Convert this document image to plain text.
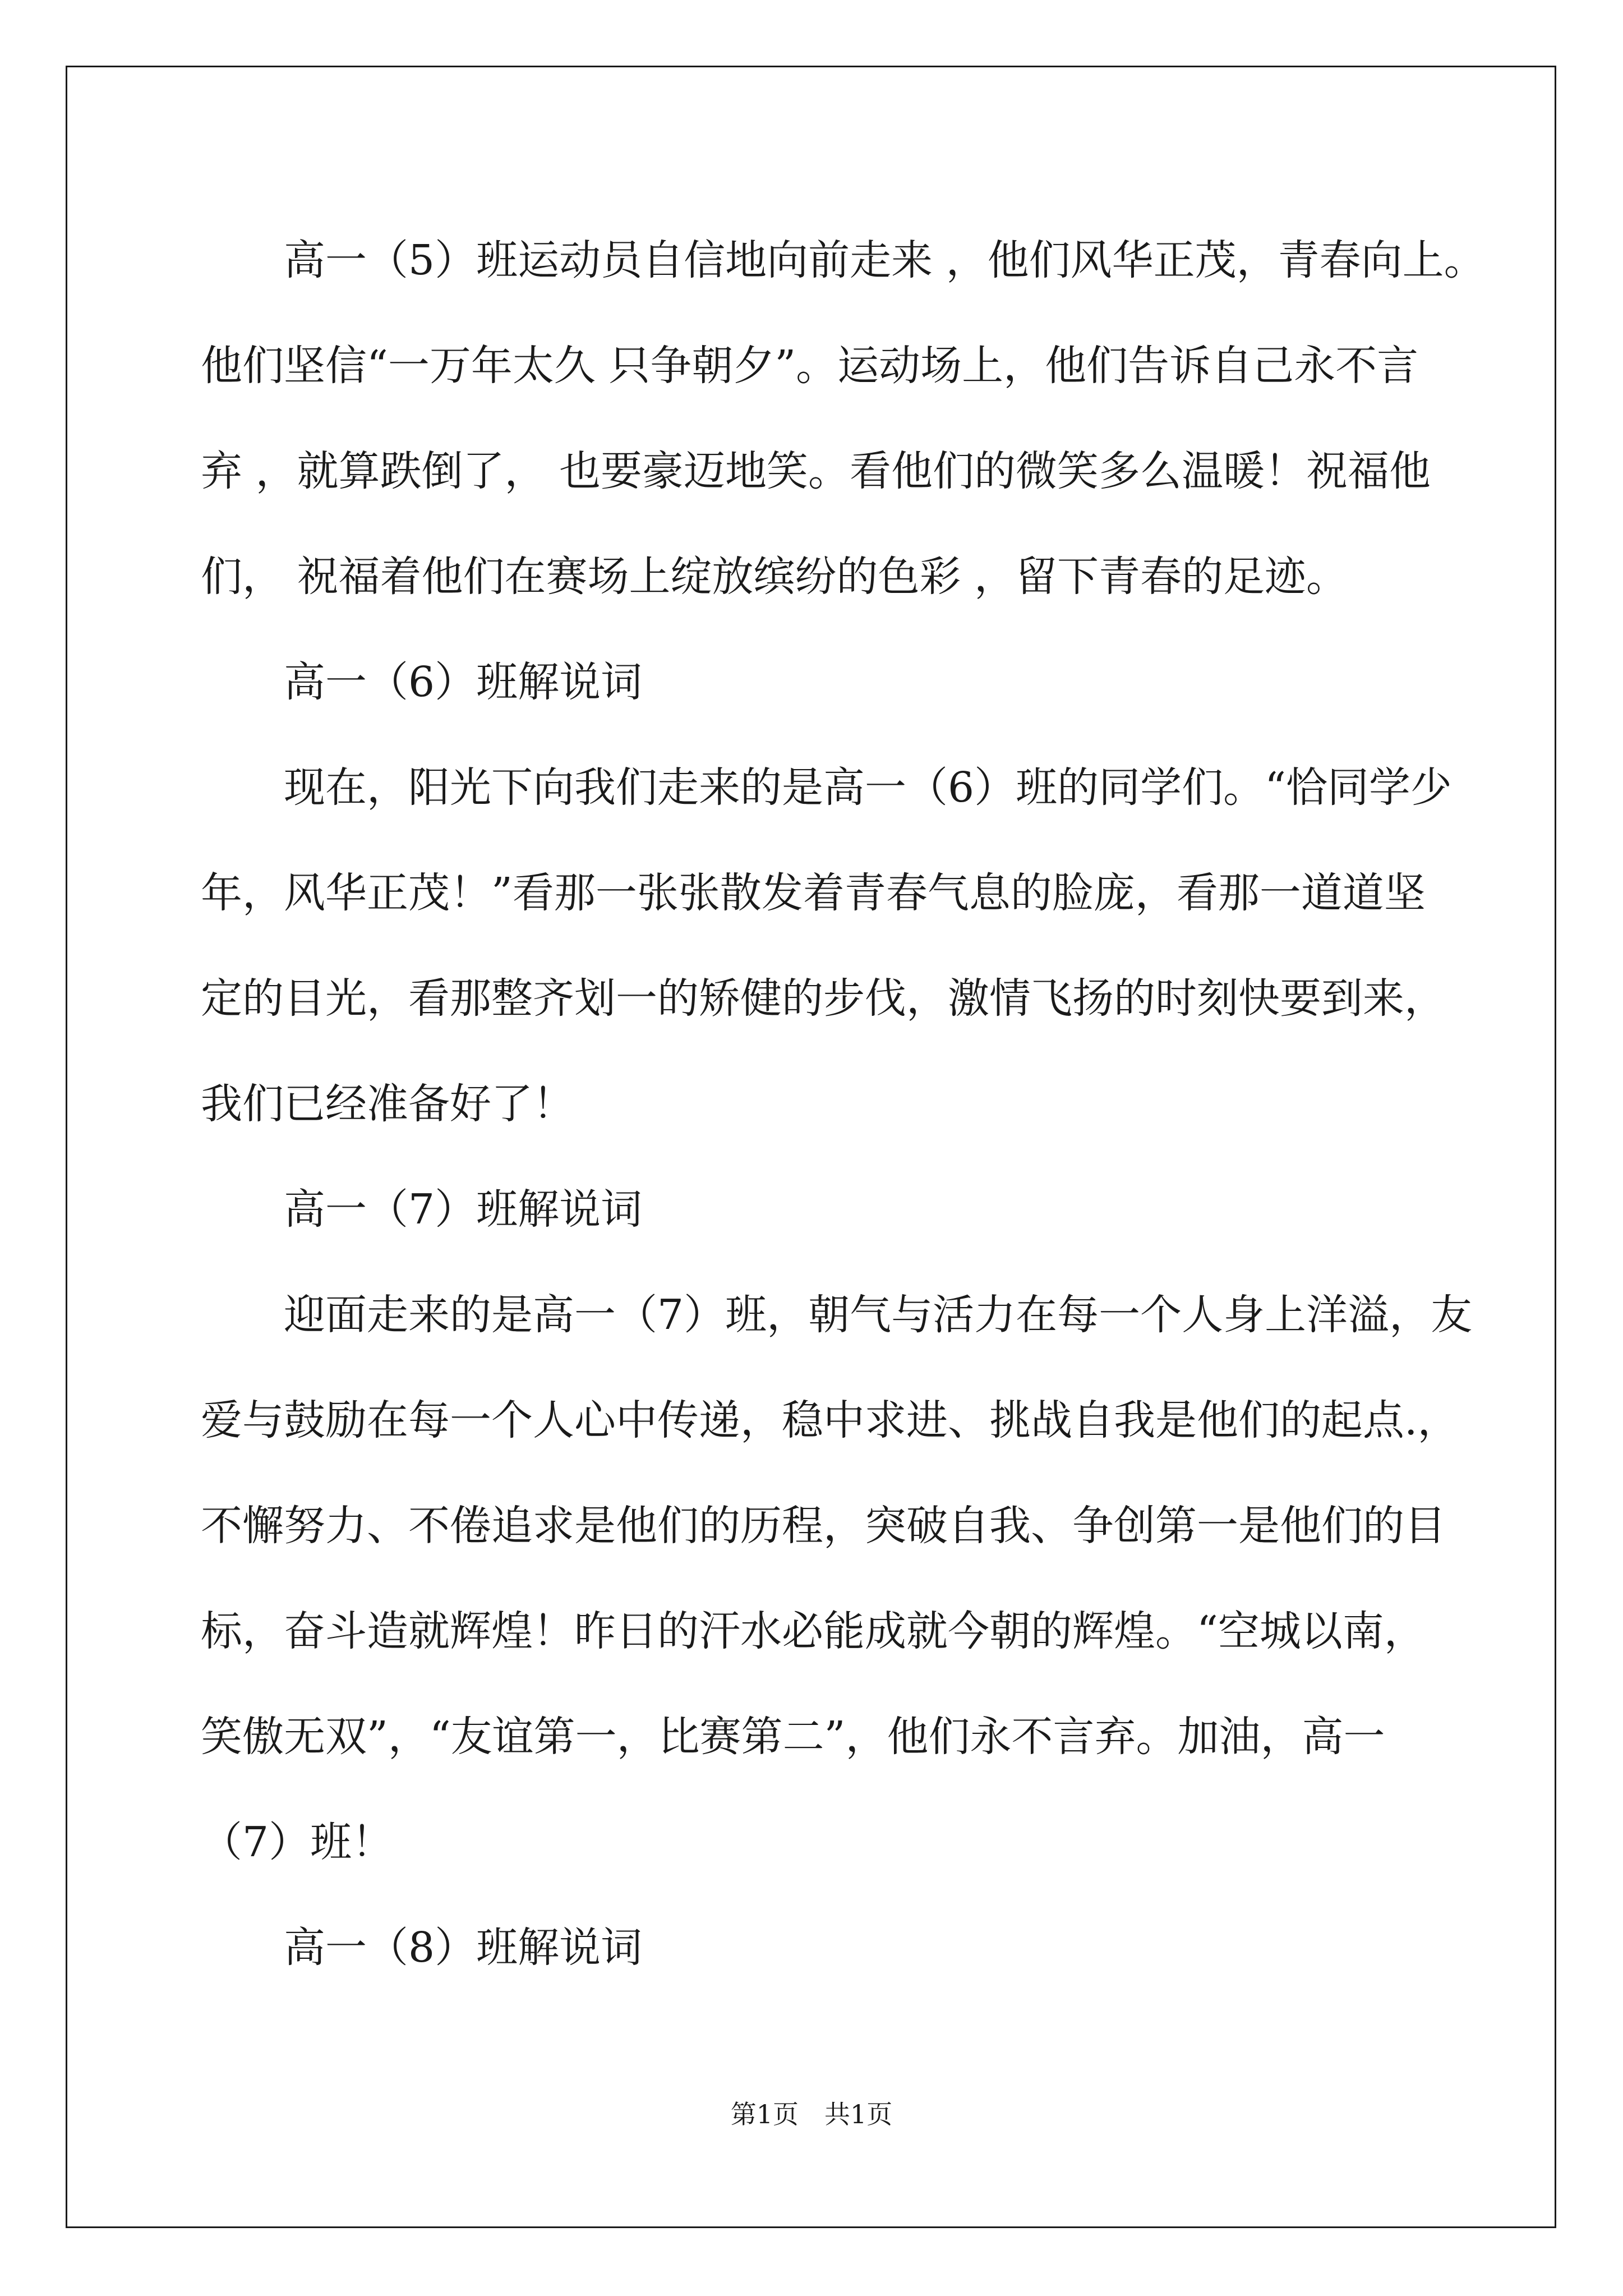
高一（5）班运动员自信地向前走来 ，他们风华正茂，青春向上。
他们坚信“一万年太久 只争朝夕”。运动场上，他们告诉自己永不言
弃 ，就算跌倒了， 也要豪迈地笑。看他们的微笑多么温暖！祝福他
们， 祝福着他们在赛场上绽放缤纷的色彩 ，留下青春的足迹。
高一（6）班解说词
现在，阳光下向我们走来的是高一（6）班的同学们。“恰同学少
年，风华正茂！”看那一张张散发着青春气息的脸庞，看那一道道坚
定的目光，看那整齐划一的矫健的步伐，激情飞扬的时刻快要到来，
我们已经准备好了！
高一（7）班解说词
迎面走来的是高一（7）班，朝气与活力在每一个人身上洋溢，友
爱与鼓励在每一个人心中传递，稳中求进、挑战自我是他们的起点.，
不懈努力、不倦追求是他们的历程，突破自我、争创第一是他们的目
标，奋斗造就辉煌！昨日的汗水必能成就今朝的辉煌。“空城以南，
笑傲无双”，“友谊第一，比赛第二”，他们永不言弃。加油，高一
（7）班！
高一（8）班解说词
第1页　共1页
